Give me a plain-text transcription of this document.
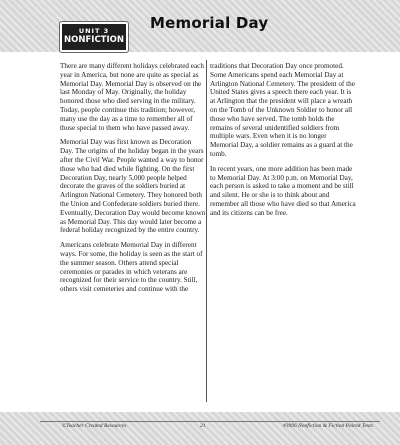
UNIT 3
NONFICTION
Memorial Day

There are many different holidays celebrated each year in America, but none are quite as special as Memorial Day. Memorial Day is observed on the last Monday of May. Originally, the holiday honored those who died serving in the military. Today, people continue this tradition; however, many use the day as a time to remember all of those special to them who have passed away.

Memorial Day was first known as Decoration Day. The origins of the holiday began in the years after the Civil War. People wanted a way to honor those who had died while fighting. On the first Decoration Day, nearly 5,000 people helped decorate the graves of the soldiers buried at Arlington National Cemetery. They honored both the Union and Confederate soldiers buried there. Eventually, Decoration Day would become known as Memorial Day. This day would later become a federal holiday recognized by the entire country.

Americans celebrate Memorial Day in different ways. For some, the holiday is seen as the start of the summer season. Others attend special ceremonies or parades in which veterans are recognized for their service to the country. Still, others visit cemeteries and continue with the

traditions that Decoration Day once promoted. Some Americans spend each Memorial Day at Arlington National Cemetery. The president of the United States gives a speech there each year. It is at Arlington that the president will place a wreath on the Tomb of the Unknown Soldier to honor all those who have served. The tomb holds the remains of several unidentified soldiers from multiple wars. Even when it is no longer Memorial Day, a soldier remains as a guard at the tomb.

In recent years, one more addition has been made to Memorial Day. At 3:00 p.m. on Memorial Day, each person is asked to take a moment and be still and silent. He or she is to think about and remember all those who have died so that America and its citizens can be free.

©Teacher Created Resources	21	#3996 Nonfiction & Fiction Paired Texts
